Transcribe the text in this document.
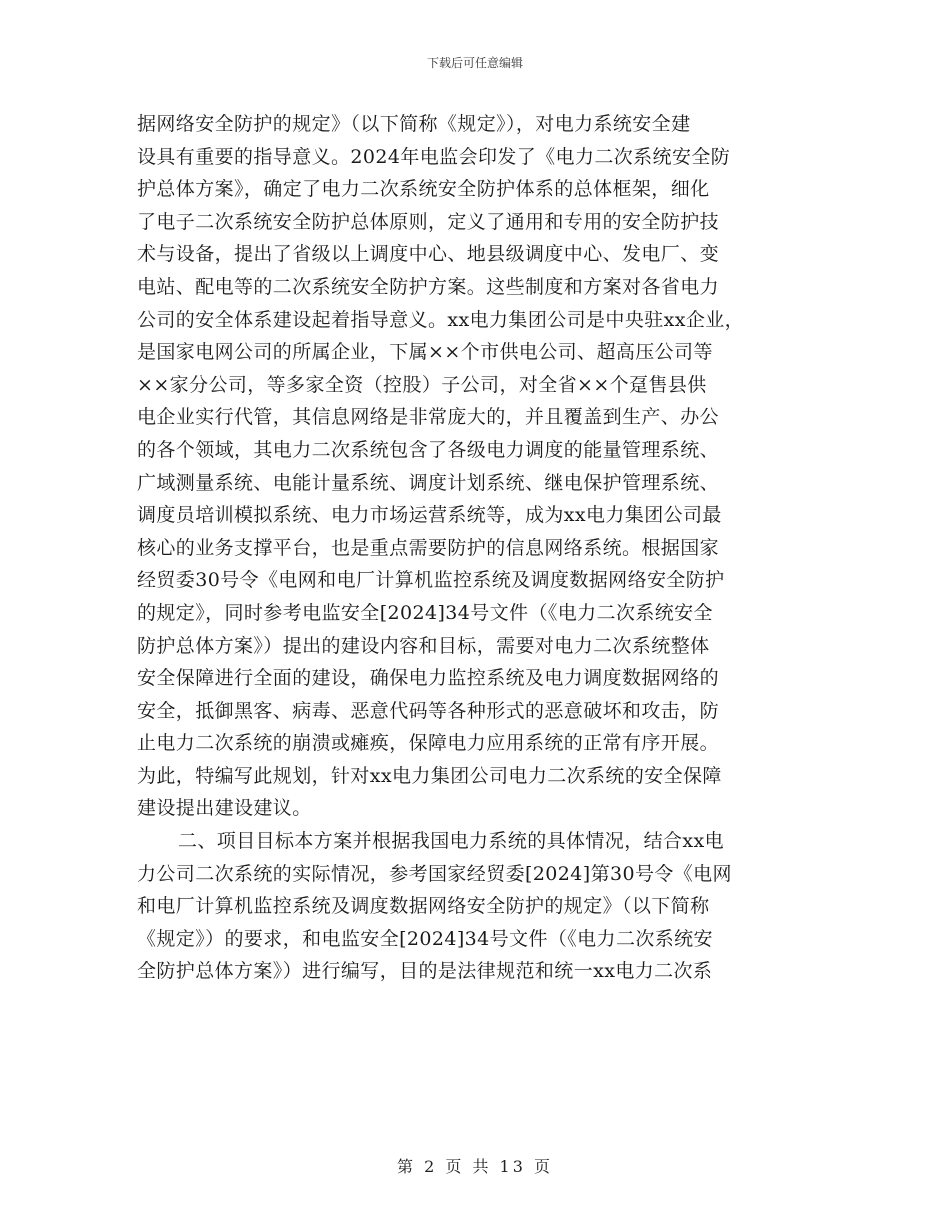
下载后可任意编辑
据网络安全防护的规定》（以下简称《规定》），对电力系统安全建
设具有重要的指导意义。2024年电监会印发了《电力二次系统安全防
护总体方案》，确定了电力二次系统安全防护体系的总体框架，细化
了电子二次系统安全防护总体原则，定义了通用和专用的安全防护技
术与设备，提出了省级以上调度中心、地县级调度中心、发电厂、变
电站、配电等的二次系统安全防护方案。这些制度和方案对各省电力
公司的安全体系建设起着指导意义。xx电力集团公司是中央驻xx企业，
是国家电网公司的所属企业，下属××个市供电公司、超高压公司等
××家分公司，等多家全资（控股）子公司，对全省××个趸售县供
电企业实行代管，其信息网络是非常庞大的，并且覆盖到生产、办公
的各个领域，其电力二次系统包含了各级电力调度的能量管理系统、
广域测量系统、电能计量系统、调度计划系统、继电保护管理系统、
调度员培训模拟系统、电力市场运营系统等，成为xx电力集团公司最
核心的业务支撑平台，也是重点需要防护的信息网络系统。根据国家
经贸委30号令《电网和电厂计算机监控系统及调度数据网络安全防护
的规定》，同时参考电监安全[2024]34号文件（《电力二次系统安全
防护总体方案》）提出的建设内容和目标，需要对电力二次系统整体
安全保障进行全面的建设，确保电力监控系统及电力调度数据网络的
安全，抵御黑客、病毒、恶意代码等各种形式的恶意破坏和攻击，防
止电力二次系统的崩溃或瘫痪，保障电力应用系统的正常有序开展。
为此，特编写此规划，针对xx电力集团公司电力二次系统的安全保障
建设提出建设建议。
二、项目目标本方案并根据我国电力系统的具体情况，结合xx电
力公司二次系统的实际情况，参考国家经贸委[2024]第30号令《电网
和电厂计算机监控系统及调度数据网络安全防护的规定》（以下简称
《规定》）的要求，和电监安全[2024]34号文件（《电力二次系统安
全防护总体方案》）进行编写，目的是法律规范和统一xx电力二次系
第 2 页 共 13 页
